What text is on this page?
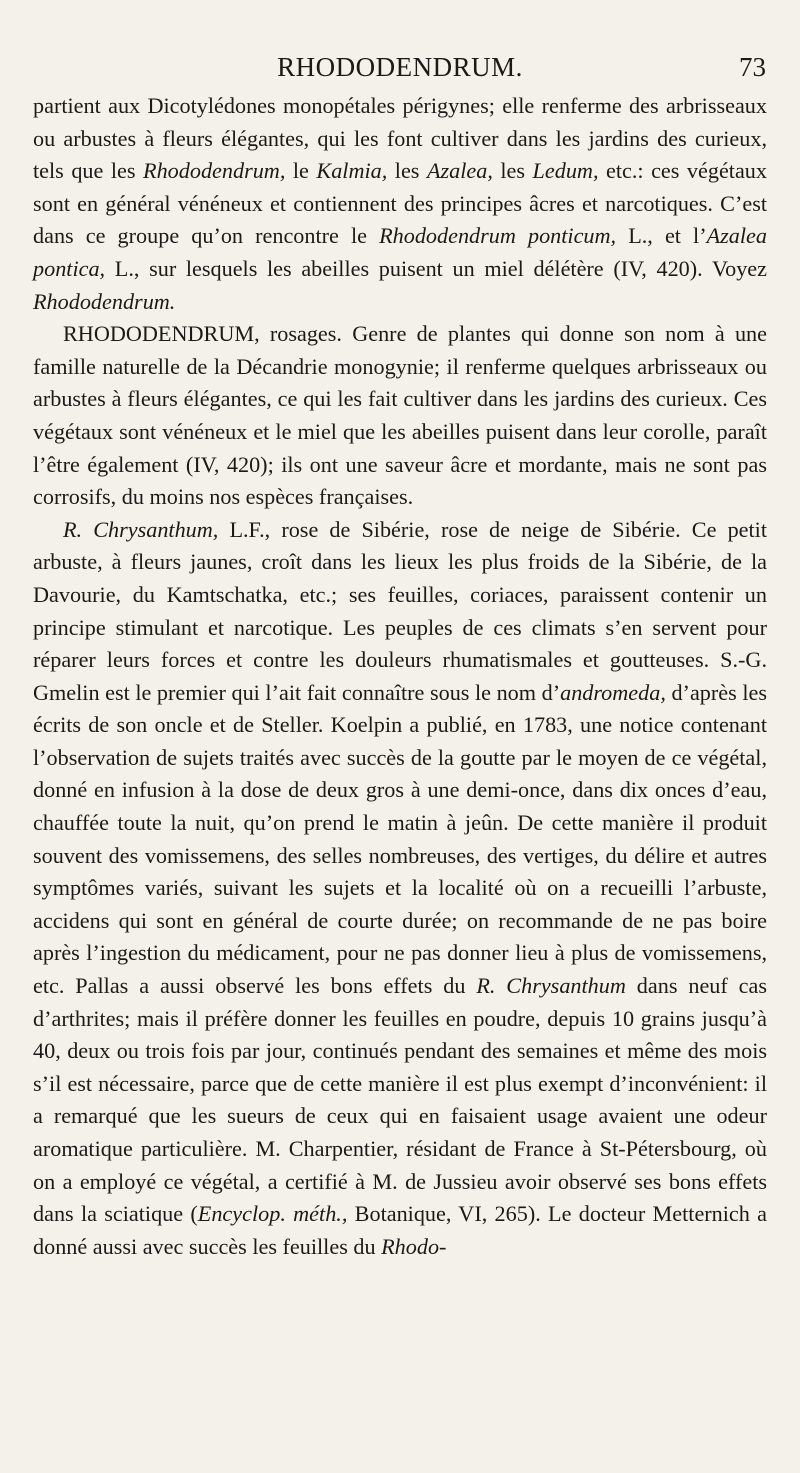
RHODODENDRUM.	73

partient aux Dicotylédones monopétales périgynes; elle renferme des arbrisseaux ou arbustes à fleurs élégantes, qui les font cultiver dans les jardins des curieux, tels que les Rhododendrum, le Kalmia, les Azalea, les Ledum, etc.: ces végétaux sont en général vénéneux et contiennent des principes âcres et narcotiques. C’est dans ce groupe qu’on rencontre le Rhododendrum ponticum, L., et l’Azalea pontica, L., sur lesquels les abeilles puisent un miel délétère (IV, 420). Voyez Rhododendrum.

RHODODENDRUM, rosages. Genre de plantes qui donne son nom à une famille naturelle de la Décandrie monogynie; il renferme quelques arbrisseaux ou arbustes à fleurs élégantes, ce qui les fait cultiver dans les jardins des curieux. Ces végétaux sont vénéneux et le miel que les abeilles puisent dans leur corolle, paraît l’être également (IV, 420); ils ont une saveur âcre et mordante, mais ne sont pas corrosifs, du moins nos espèces françaises.

R. Chrysanthum, L.F., rose de Sibérie, rose de neige de Sibérie. Ce petit arbuste, à fleurs jaunes, croît dans les lieux les plus froids de la Sibérie, de la Davourie, du Kamtschatka, etc.; ses feuilles, coriaces, paraissent contenir un principe stimulant et narcotique. Les peuples de ces climats s’en servent pour réparer leurs forces et contre les douleurs rhumatismales et goutteuses. S.-G. Gmelin est le premier qui l’ait fait connaître sous le nom d’andromeda, d’après les écrits de son oncle et de Steller. Koelpin a publié, en 1783, une notice contenant l’observation de sujets traités avec succès de la goutte par le moyen de ce végétal, donné en infusion à la dose de deux gros à une demi-once, dans dix onces d’eau, chauffée toute la nuit, qu’on prend le matin à jeûn. De cette manière il produit souvent des vomissemens, des selles nombreuses, des vertiges, du délire et autres symptômes variés, suivant les sujets et la localité où on a recueilli l’arbuste, accidens qui sont en général de courte durée; on recommande de ne pas boire après l’ingestion du médicament, pour ne pas donner lieu à plus de vomissemens, etc. Pallas a aussi observé les bons effets du R. Chrysanthum dans neuf cas d’arthrites; mais il préfère donner les feuilles en poudre, depuis 10 grains jusqu’à 40, deux ou trois fois par jour, continués pendant des semaines et même des mois s’il est nécessaire, parce que de cette manière il est plus exempt d’inconvénient: il a remarqué que les sueurs de ceux qui en faisaient usage avaient une odeur aromatique particulière. M. Charpentier, résidant de France à St-Pétersbourg, où on a employé ce végétal, a certifié à M. de Jussieu avoir observé ses bons effets dans la sciatique (Encyclop. méth., Botanique, VI, 265). Le docteur Metternich a donné aussi avec succès les feuilles du Rhodo-
